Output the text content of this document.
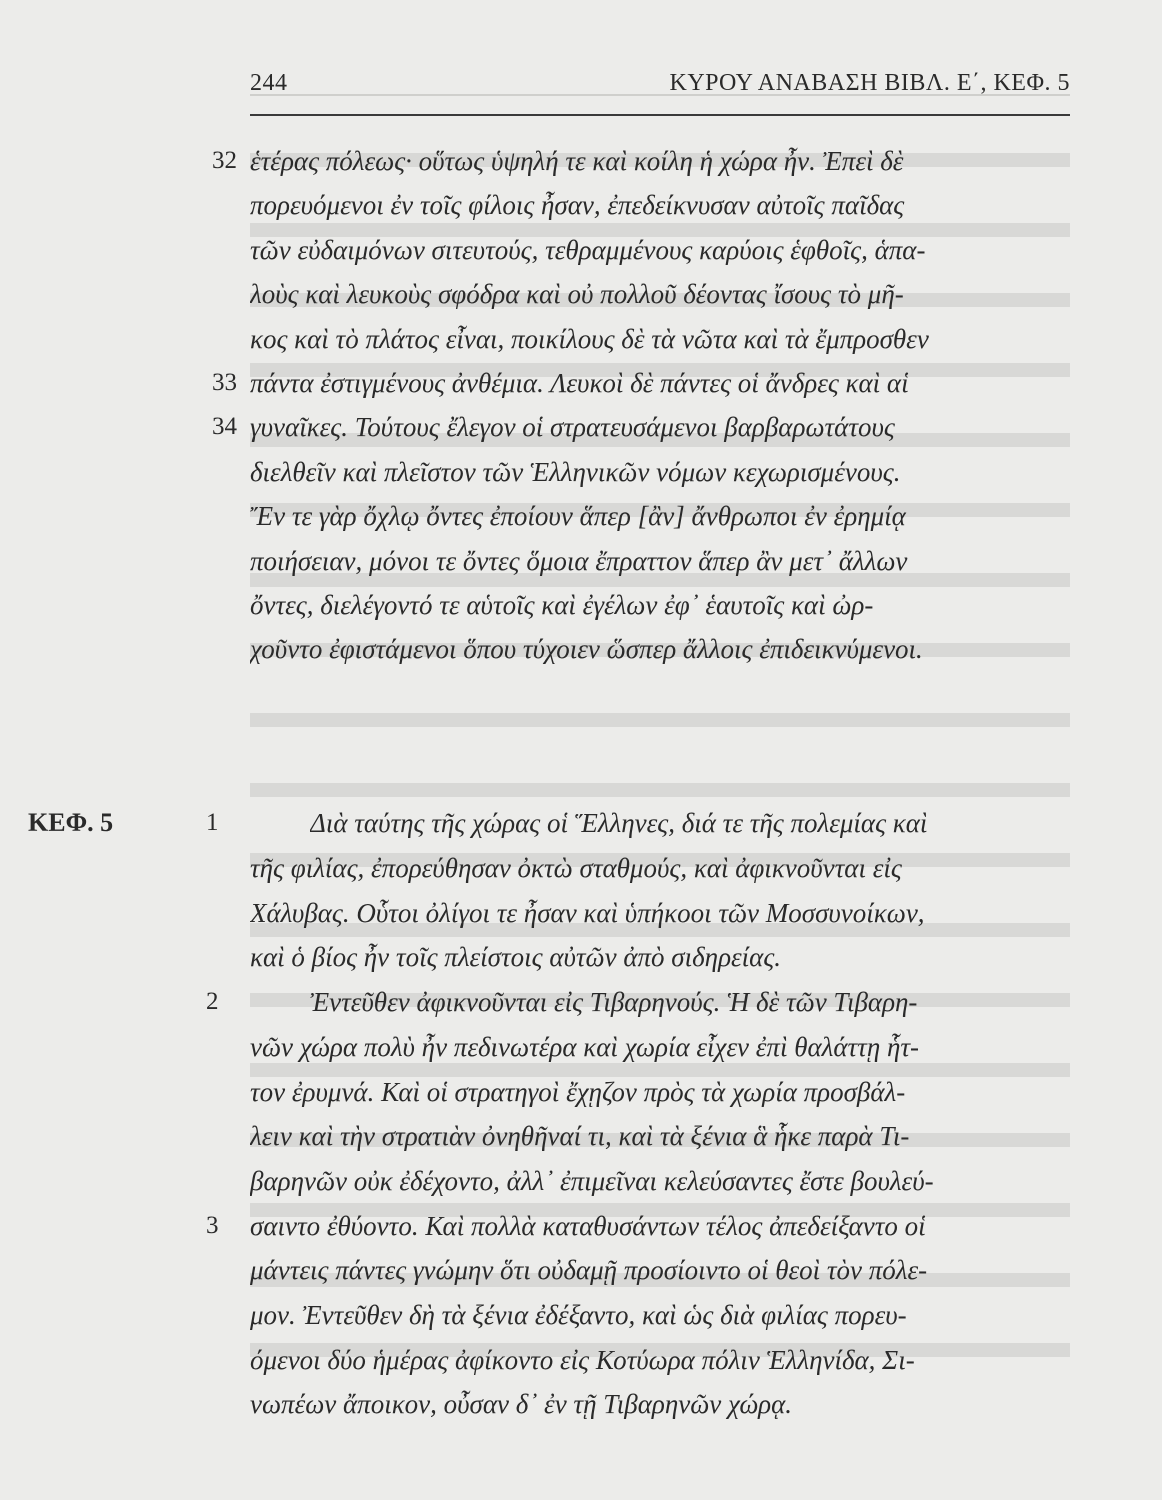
244	ΚΥΡΟΥ ΑΝΑΒΑΣΗ ΒΙΒΛ. Ε΄, ΚΕΦ. 5
ΚΕΦ. 5
32
33
34
1
2
3
ἑτέρας πόλεως· οὕτως ὑψηλή τε καὶ κοίλη ἡ χώρα ἦν. Ἐπεὶ δὲ
πορευόμενοι ἐν τοῖς φίλοις ἦσαν, ἐπεδείκνυσαν αὐτοῖς παῖδας
τῶν εὐδαιμόνων σιτευτούς, τεθραμμένους καρύοις ἑφθοῖς, ἁπα-
λοὺς καὶ λευκοὺς σφόδρα καὶ οὐ πολλοῦ δέοντας ἴσους τὸ μῆ-
κος καὶ τὸ πλάτος εἶναι, ποικίλους δὲ τὰ νῶτα καὶ τὰ ἔμπροσθεν
πάντα ἐστιγμένους ἀνθέμια. Λευκοὶ δὲ πάντες οἱ ἄνδρες καὶ αἱ
γυναῖκες. Τούτους ἔλεγον οἱ στρατευσάμενοι βαρβαρωτάτους
διελθεῖν καὶ πλεῖστον τῶν Ἑλληνικῶν νόμων κεχωρισμένους.
Ἔν τε γὰρ ὄχλῳ ὄντες ἐποίουν ἅπερ [ἂν] ἄνθρωποι ἐν ἐρημίᾳ
ποιήσειαν, μόνοι τε ὄντες ὅμοια ἔπραττον ἅπερ ἂν μετ᾽ ἄλλων
ὄντες, διελέγοντό τε αὑτοῖς καὶ ἐγέλων ἐφ᾽ ἑαυτοῖς καὶ ὠρ-
χοῦντο ἐφιστάμενοι ὅπου τύχοιεν ὥσπερ ἄλλοις ἐπιδεικνύμενοι.
Διὰ ταύτης τῆς χώρας οἱ Ἕλληνες, διά τε τῆς πολεμίας καὶ
τῆς φιλίας, ἐπορεύθησαν ὀκτὼ σταθμούς, καὶ ἀφικνοῦνται εἰς
Χάλυβας. Οὗτοι ὀλίγοι τε ἦσαν καὶ ὑπήκοοι τῶν Μοσσυνοίκων,
καὶ ὁ βίος ἦν τοῖς πλείστοις αὐτῶν ἀπὸ σιδηρείας.
Ἐντεῦθεν ἀφικνοῦνται εἰς Τιβαρηνούς. Ἡ δὲ τῶν Τιβαρη-
νῶν χώρα πολὺ ἦν πεδινωτέρα καὶ χωρία εἶχεν ἐπὶ θαλάττῃ ἧτ-
τον ἐρυμνά. Καὶ οἱ στρατηγοὶ ἔχῃζον πρὸς τὰ χωρία προσβάλ-
λειν καὶ τὴν στρατιὰν ὀνηθῆναί τι, καὶ τὰ ξένια ἃ ἧκε παρὰ Τι-
βαρηνῶν οὐκ ἐδέχοντο, ἀλλ᾽ ἐπιμεῖναι κελεύσαντες ἔστε βουλεύ-
σαιντο ἐθύοντο. Καὶ πολλὰ καταθυσάντων τέλος ἀπεδείξαντο οἱ
μάντεις πάντες γνώμην ὅτι οὐδαμῇ προσίοιντο οἱ θεοὶ τὸν πόλε-
μον. Ἐντεῦθεν δὴ τὰ ξένια ἐδέξαντο, καὶ ὡς διὰ φιλίας πορευ-
όμενοι δύο ἡμέρας ἀφίκοντο εἰς Κοτύωρα πόλιν Ἑλληνίδα, Σι-
νωπέων ἄποικον, οὖσαν δ᾽ ἐν τῇ Τιβαρηνῶν χώρᾳ.
